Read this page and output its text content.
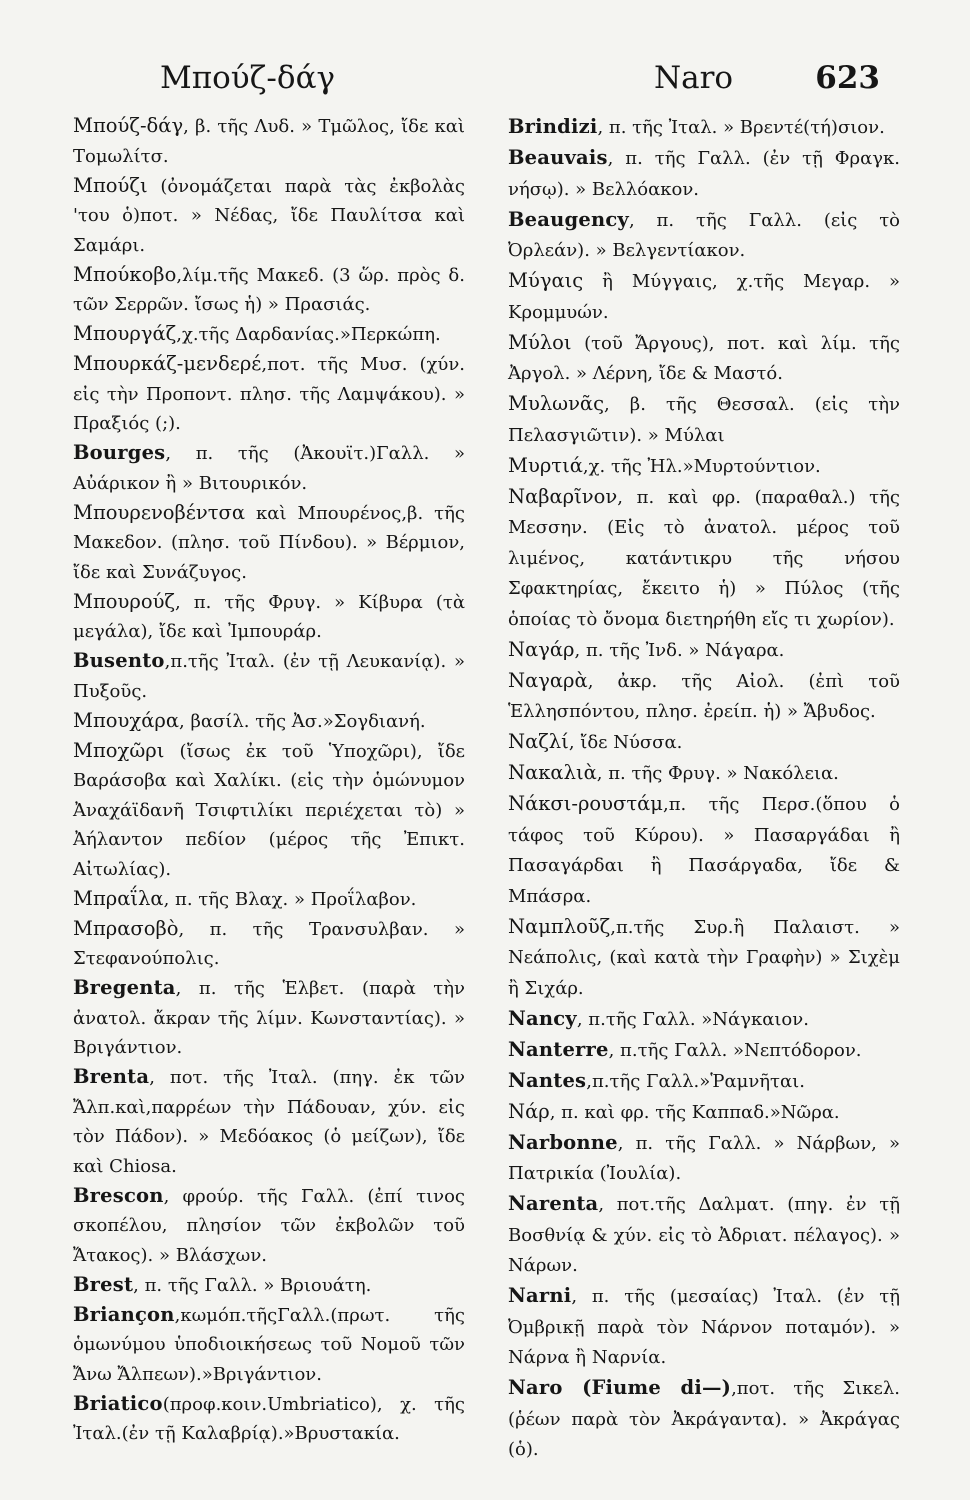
Μπούζ-δάγ	Naro	623

Μπούζ-δάγ, β. τῆς Λυδ. » Τμῶλος, ἴδε καὶ Τομωλίτσ.

Μπούζι (ὀνομάζεται παρὰ τὰς ἐκβολὰς 'του ὁ)ποτ. » Νέδας, ἴδε Παυλίτσα καὶ Σαμάρι.

Μπούκοβο,λίμ.τῆς Μακεδ. (3 ὥρ. πρὸς δ. τῶν Σερρῶν. ἴσως ἡ) » Πρασιάς.

Μπουργάζ,χ.τῆς Δαρδανίας.»Περκώπη.

Μπουρκάζ-μενδερέ,ποτ. τῆς Μυσ. (χύν. εἰς τὴν Προποντ. πλησ. τῆς Λαμψάκου). » Πραξιός (;).

Bourges, π. τῆς (Ἀκουϊτ.)Γαλλ. » Αὐάρικον ἢ » Βιτουρικόν.

Μπουρενοβέντσα καὶ Μπουρένος,β. τῆς Μακεδον. (πλησ. τοῦ Πίνδου). » Βέρμιον, ἴδε καὶ Συνάζυγος.

Μπουρούζ, π. τῆς Φρυγ. » Κίβυρα (τὰ μεγάλα), ἴδε καὶ Ἰμπουράρ.

Busento,π.τῆς Ἰταλ. (ἐν τῇ Λευκανίᾳ). » Πυξοῦς.

Μπουχάρα, βασίλ. τῆς Ἀσ.»Σογδιανή.

Μποχῶρι (ἴσως ἐκ τοῦ Ὑποχῶρι), ἴδε Βαράσοβα καὶ Χαλίκι. (εἰς τὴν ὁμώνυμον Ἀναχάϊδανῆ Τσιφτιλίκι περιέχεται τὸ) » Ἀήλαντον πεδίον (μέρος τῆς Ἐπικτ. Αἰτωλίας).

Μπραΐλα, π. τῆς Βλαχ. » Προΐλαβον.

Μπρασοβὸ, π. τῆς Τρανσυλβαν. » Στεφανούπολις.

Bregenta, π. τῆς Ἑλβετ. (παρὰ τὴν ἀνατολ. ἄκραν τῆς λίμν. Κωνσταντίας). » Βριγάντιον.

Brenta, ποτ. τῆς Ἰταλ. (πηγ. ἐκ τῶν Ἄλπ.καὶ,παρρέων τὴν Πάδουαν, χύν. εἰς τὸν Πάδον). » Μεδόακος (ὁ μείζων), ἴδε καὶ Chiosa.

Brescon, φρούρ. τῆς Γαλλ. (ἐπί τινος σκοπέλου, πλησίον τῶν ἐκβολῶν τοῦ Ἄτακος). » Βλάσχων.

Brest, π. τῆς Γαλλ. » Βριουάτη.

Briançon,κωμόπ.τῆςΓαλλ.(πρωτ. τῆς ὁμωνύμου ὑποδιοικήσεως τοῦ Νομοῦ τῶν Ἄνω Ἄλπεων).»Βριγάντιον.

Briatico(προφ.κοιν.Umbriatico), χ. τῆς Ἰταλ.(ἐν τῇ Καλαβρίᾳ).»Βρυστακία.

Brindizi, π. τῆς Ἰταλ. » Βρεντέ(τή)σιον.

Beauvais, π. τῆς Γαλλ. (ἐν τῇ Φραγκ. νήσῳ). » Βελλόακον.

Beaugency, π. τῆς Γαλλ. (εἰς τὸ Ὀρλεάν). » Βελγεντίακον.

Μύγαις ἢ Μύγγαις, χ.τῆς Μεγαρ. » Κρομμυών.

Μύλοι (τοῦ Ἄργους), ποτ. καὶ λίμ. τῆς Ἀργολ. » Λέρνη, ἴδε & Μαστό.

Μυλωνᾶς, β. τῆς Θεσσαλ. (εἰς τὴν Πελασγιῶτιν). » Μύλαι

Μυρτιά,χ. τῆς Ἠλ.»Μυρτούντιον.

Ναβαρῖνον, π. καὶ φρ. (παραθαλ.) τῆς Μεσσην. (Εἰς τὸ ἀνατολ. μέρος τοῦ λιμένος, κατάντικρυ τῆς νήσου Σφακτηρίας, ἔκειτο ἡ) » Πύλος (τῆς ὁποίας τὸ ὄνομα διετηρήθη εἴς τι χωρίον).

Ναγάρ, π. τῆς Ἰνδ. » Νάγαρα.

Ναγαρὰ, ἀκρ. τῆς Αἰολ. (ἐπὶ τοῦ Ἑλλησπόντου, πλησ. ἐρείπ. ἡ) » Ἄβυδος.

Ναζλί, ἴδε Νύσσα.

Νακαλιὰ, π. τῆς Φρυγ. » Νακόλεια.

Νάκσι-ρουστάμ,π. τῆς Περσ.(ὅπου ὁ τάφος τοῦ Κύρου). » Πασαργάδαι ἢ Πασαγάρδαι ἢ Πασάργαδα, ἴδε & Μπάσρα.

Ναμπλοῦζ,π.τῆς Συρ.ἢ Παλαιστ. » Νεάπολις, (καὶ κατὰ τὴν Γραφὴν) » Σιχὲμ ἢ Σιχάρ.

Nancy, π.τῆς Γαλλ. »Νάγκαιον.

Nanterre, π.τῆς Γαλλ. »Νεπτόδορον.

Nantes,π.τῆς Γαλλ.»Ῥαμνῆται.

Νάρ, π. καὶ φρ. τῆς Καππαδ.»Νῶρα.

Narbonne, π. τῆς Γαλλ. » Νάρβων, » Πατρικία (Ἰουλία).

Narenta, ποτ.τῆς Δαλματ. (πηγ. ἐν τῇ Βοσθνίᾳ & χύν. εἰς τὸ Ἀδριατ. πέλαγος). » Νάρων.

Narni, π. τῆς (μεσαίας) Ἰταλ. (ἐν τῇ Ὀμβρικῇ παρὰ τὸν Νάρνον ποταμόν). » Νάρνα ἢ Ναρνία.

Naro (Fiume di—),ποτ. τῆς Σικελ. (ῥέων παρὰ τὸν Ἀκράγαντα). » Ἀκράγας (ὁ).
